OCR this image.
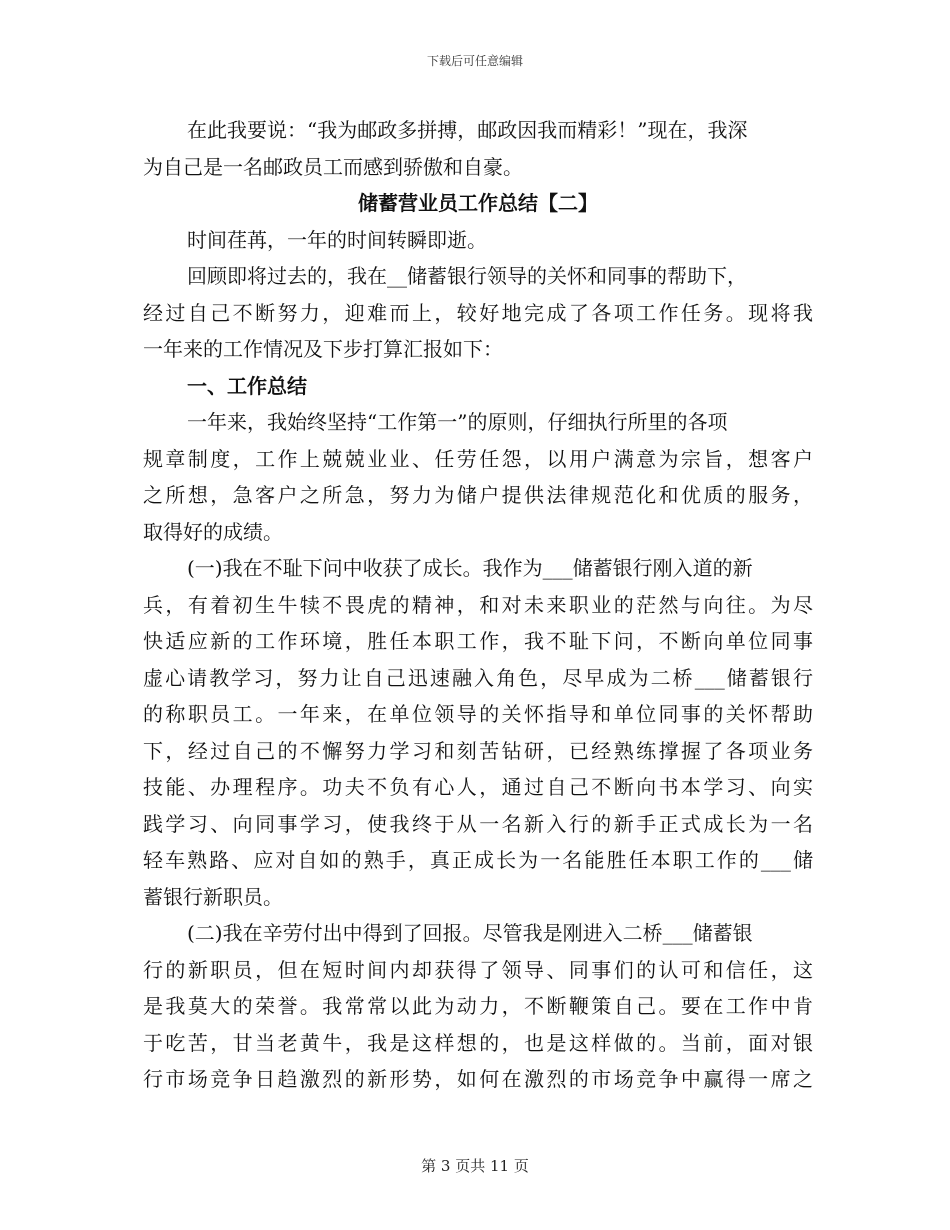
下载后可任意编辑
在此我要说：“我为邮政多拼搏，邮政因我而精彩！”现在，我深
为自己是一名邮政员工而感到骄傲和自豪。
储蓄营业员工作总结【二】
时间荏苒，一年的时间转瞬即逝。
回顾即将过去的，我在__储蓄银行领导的关怀和同事的帮助下，
经过自己不断努力，迎难而上，较好地完成了各项工作任务。现将我
一年来的工作情况及下步打算汇报如下：
一、工作总结
一年来，我始终坚持“工作第一”的原则，仔细执行所里的各项
规章制度，工作上兢兢业业、任劳任怨，以用户满意为宗旨，想客户
之所想，急客户之所急，努力为储户提供法律规范化和优质的服务，
取得好的成绩。
(一)我在不耻下问中收获了成长。我作为___储蓄银行刚入道的新
兵，有着初生牛犊不畏虎的精神，和对未来职业的茫然与向往。为尽
快适应新的工作环境，胜任本职工作，我不耻下问，不断向单位同事
虚心请教学习，努力让自己迅速融入角色，尽早成为二桥___储蓄银行
的称职员工。一年来，在单位领导的关怀指导和单位同事的关怀帮助
下，经过自己的不懈努力学习和刻苦钻研，已经熟练撑握了各项业务
技能、办理程序。功夫不负有心人，通过自己不断向书本学习、向实
践学习、向同事学习，使我终于从一名新入行的新手正式成长为一名
轻车熟路、应对自如的熟手，真正成长为一名能胜任本职工作的___储
蓄银行新职员。
(二)我在辛劳付出中得到了回报。尽管我是刚进入二桥___储蓄银
行的新职员，但在短时间内却获得了领导、同事们的认可和信任，这
是我莫大的荣誉。我常常以此为动力，不断鞭策自己。要在工作中肯
于吃苦，甘当老黄牛，我是这样想的，也是这样做的。当前，面对银
行市场竞争日趋激烈的新形势，如何在激烈的市场竞争中赢得一席之
第 3 页共 11 页
